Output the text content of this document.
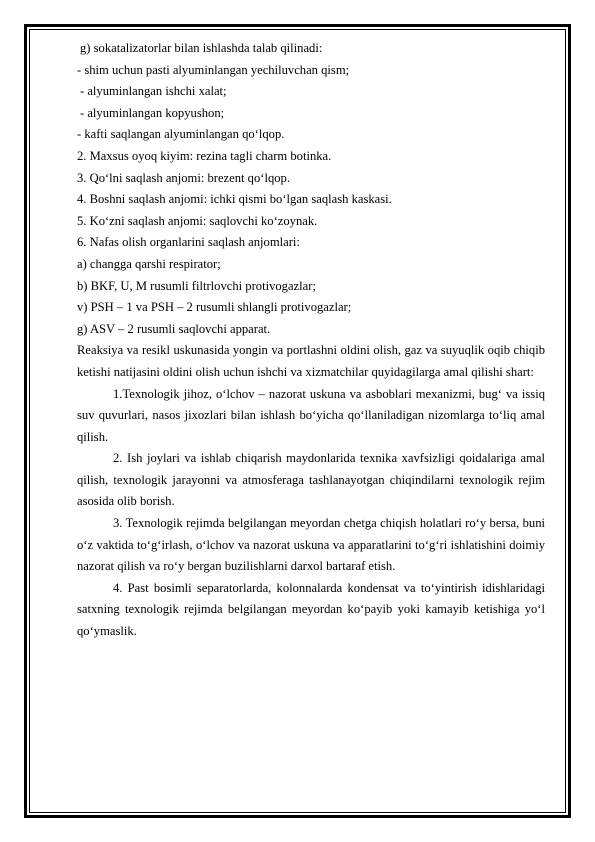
g) sokatalizatorlar bilan ishlashda talab qilinadi:
- shim uchun pasti alyuminlangan yechiluvchan qism;
- alyuminlangan ishchi xalat;
- alyuminlangan kopyushon;
- kafti saqlangan alyuminlangan qo‘lqop.
2. Maxsus oyoq kiyim: rezina tagli charm botinka.
3. Qo‘lni saqlash anjomi: brezent qo‘lqop.
4. Boshni saqlash anjomi: ichki qismi bo‘lgan saqlash kaskasi.
5. Ko‘zni saqlash anjomi: saqlovchi ko‘zoynak.
6. Nafas olish organlarini saqlash anjomlari:
a) changga qarshi respirator;
b) BKF, U, M rusumli filtrlovchi protivogazlar;
v) PSH – 1 va PSH – 2 rusumli shlangli protivogazlar;
g) ASV – 2 rusumli saqlovchi apparat.

Reaksiya va resikl uskunasida yongin va portlashni oldini olish, gaz va suyuqlik oqib chiqib ketishi natijasini oldini olish uchun ishchi va xizmatchilar quyidagilarga amal qilishi shart:

1.Texnologik jihoz, o‘lchov – nazorat uskuna va asboblari mexanizmi, bug‘ va issiq suv quvurlari, nasos jixozlari bilan ishlash bo‘yicha qo‘llaniladigan nizomlarga to‘liq amal qilish.

2. Ish joylari va ishlab chiqarish maydonlarida texnika xavfsizligi qoidalariga amal qilish, texnologik jarayonni va atmosferaga tashlanayotgan chiqindilarni texnologik rejim asosida olib borish.

3. Texnologik rejimda belgilangan meyordan chetga chiqish holatlari ro‘y bersa, buni o‘z vaktida to‘g‘irlash, o‘lchov va nazorat uskuna va apparatlarini to‘g‘ri ishlatishini doimiy nazorat qilish va ro‘y bergan buzilishlarni darxol bartaraf etish.

4. Past bosimli separatorlarda, kolonnalarda kondensat va to‘yintirish idishlaridagi satxning texnologik rejimda belgilangan meyordan ko‘payib yoki kamayib ketishiga yo‘l qo‘ymaslik.
